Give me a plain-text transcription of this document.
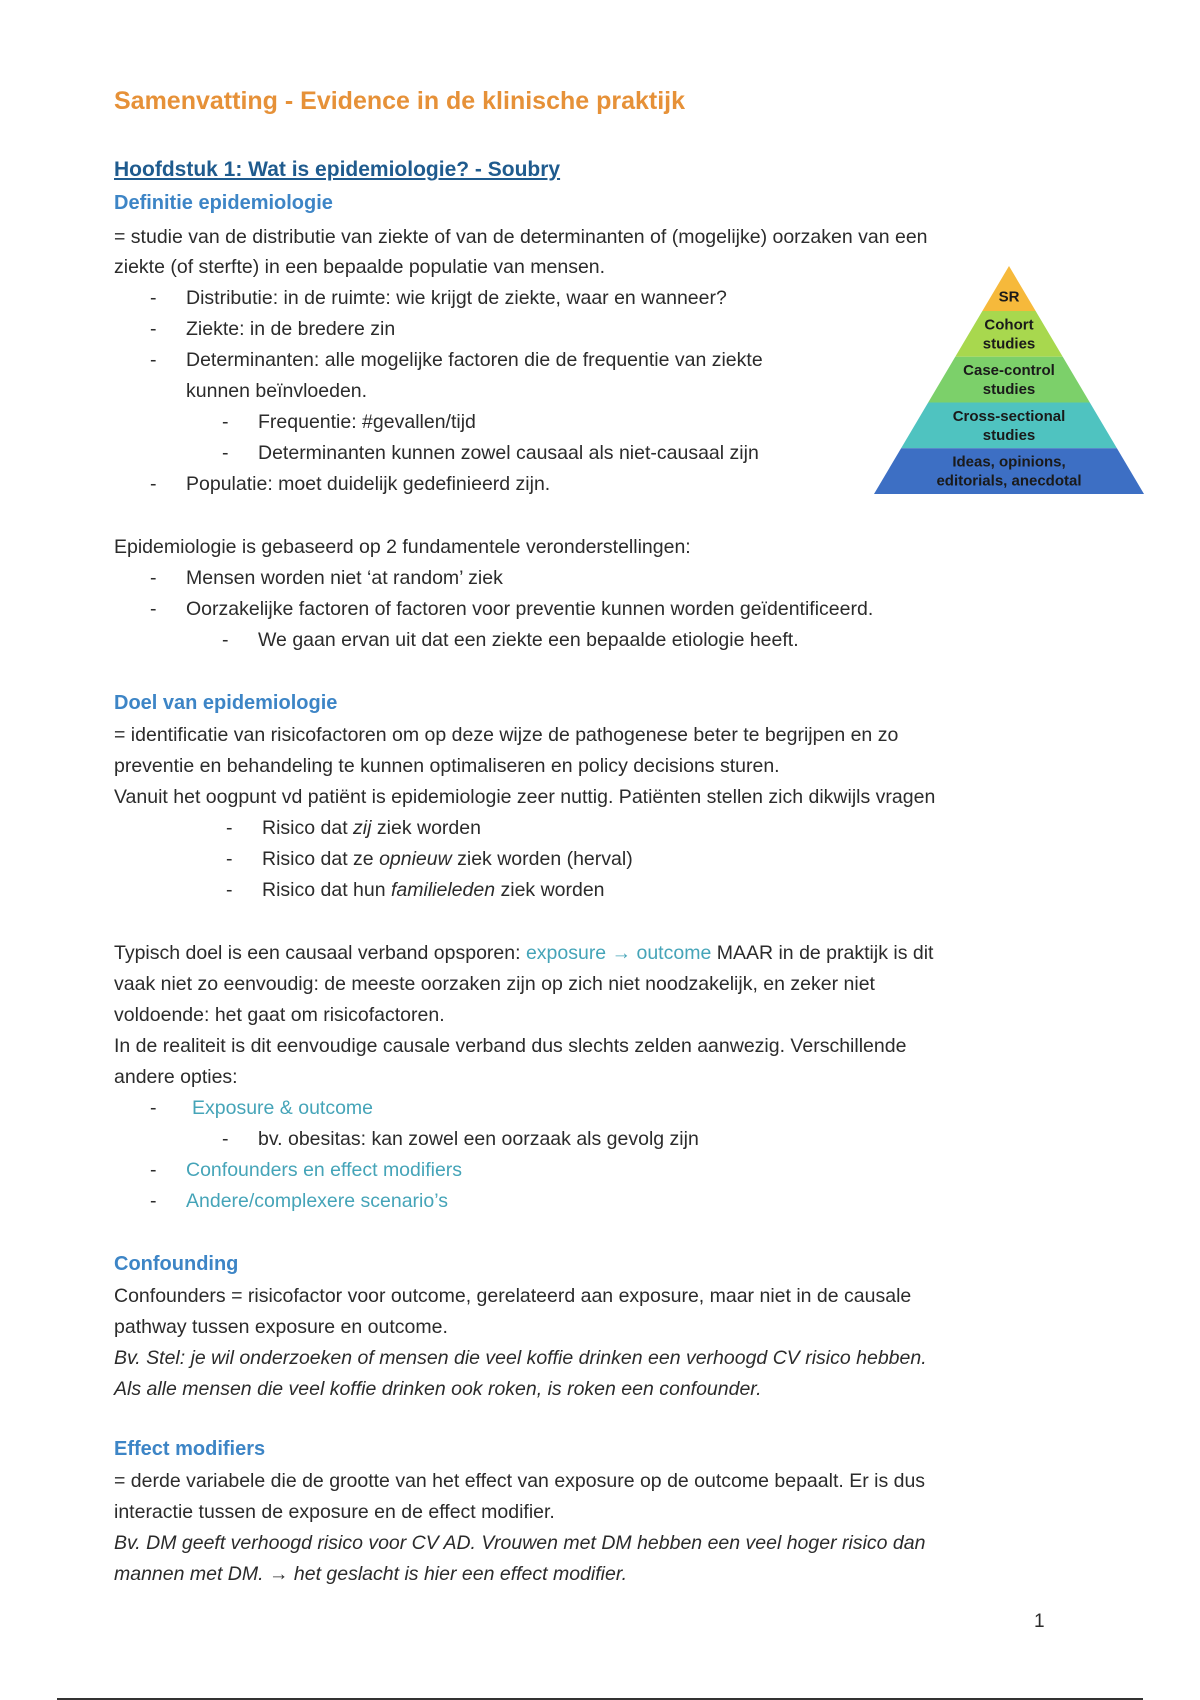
Samenvatting - Evidence in de klinische praktijk
Hoofdstuk 1: Wat is epidemiologie? - Soubry
Definitie epidemiologie

= studie van de distributie van ziekte of van de determinanten of (mogelijke) oorzaken van een

ziekte (of sterfte) in een bepaalde populatie van mensen.

- Distributie: in de ruimte: wie krijgt de ziekte, waar en wanneer?
- Ziekte: in de bredere zin
- Determinanten: alle mogelijke factoren die de frequentie van ziekte
kunnen beïnvloeden.
- Frequentie: #gevallen/tijd
- Determinanten kunnen zowel causaal als niet-causaal zijn
- Populatie: moet duidelijk gedefinieerd zijn.
SR
Cohort
studies
Case-control
studies
Cross-sectional
studies
Ideas, opinions,
editorials, anecdotal

Epidemiologie is gebaseerd op 2 fundamentele veronderstellingen:

- Mensen worden niet ‘at random’ ziek
- Oorzakelijke factoren of factoren voor preventie kunnen worden geïdentificeerd.
- We gaan ervan uit dat een ziekte een bepaalde etiologie heeft.
Doel van epidemiologie

= identificatie van risicofactoren om op deze wijze de pathogenese beter te begrijpen en zo

preventie en behandeling te kunnen optimaliseren en policy decisions sturen.

Vanuit het oogpunt vd patiënt is epidemiologie zeer nuttig. Patiënten stellen zich dikwijls vragen

- Risico dat zij ziek worden
- Risico dat ze opnieuw ziek worden (herval)
- Risico dat hun familieleden ziek worden

Typisch doel is een causaal verband opsporen: exposure → outcome MAAR in de praktijk is dit

vaak niet zo eenvoudig: de meeste oorzaken zijn op zich niet noodzakelijk, en zeker niet

voldoende: het gaat om risicofactoren.

In de realiteit is dit eenvoudige causale verband dus slechts zelden aanwezig. Verschillende

andere opties:

- Exposure & outcome
- bv. obesitas: kan zowel een oorzaak als gevolg zijn
- Confounders en effect modifiers
- Andere/complexere scenario’s
Confounding

Confounders = risicofactor voor outcome, gerelateerd aan exposure, maar niet in de causale

pathway tussen exposure en outcome.

Bv. Stel: je wil onderzoeken of mensen die veel koffie drinken een verhoogd CV risico hebben.

Als alle mensen die veel koffie drinken ook roken, is roken een confounder.

Effect modifiers

= derde variabele die de grootte van het effect van exposure op de outcome bepaalt. Er is dus

interactie tussen de exposure en de effect modifier.

Bv. DM geeft verhoogd risico voor CV AD. Vrouwen met DM hebben een veel hoger risico dan

mannen met DM. → het geslacht is hier een effect modifier.

1
